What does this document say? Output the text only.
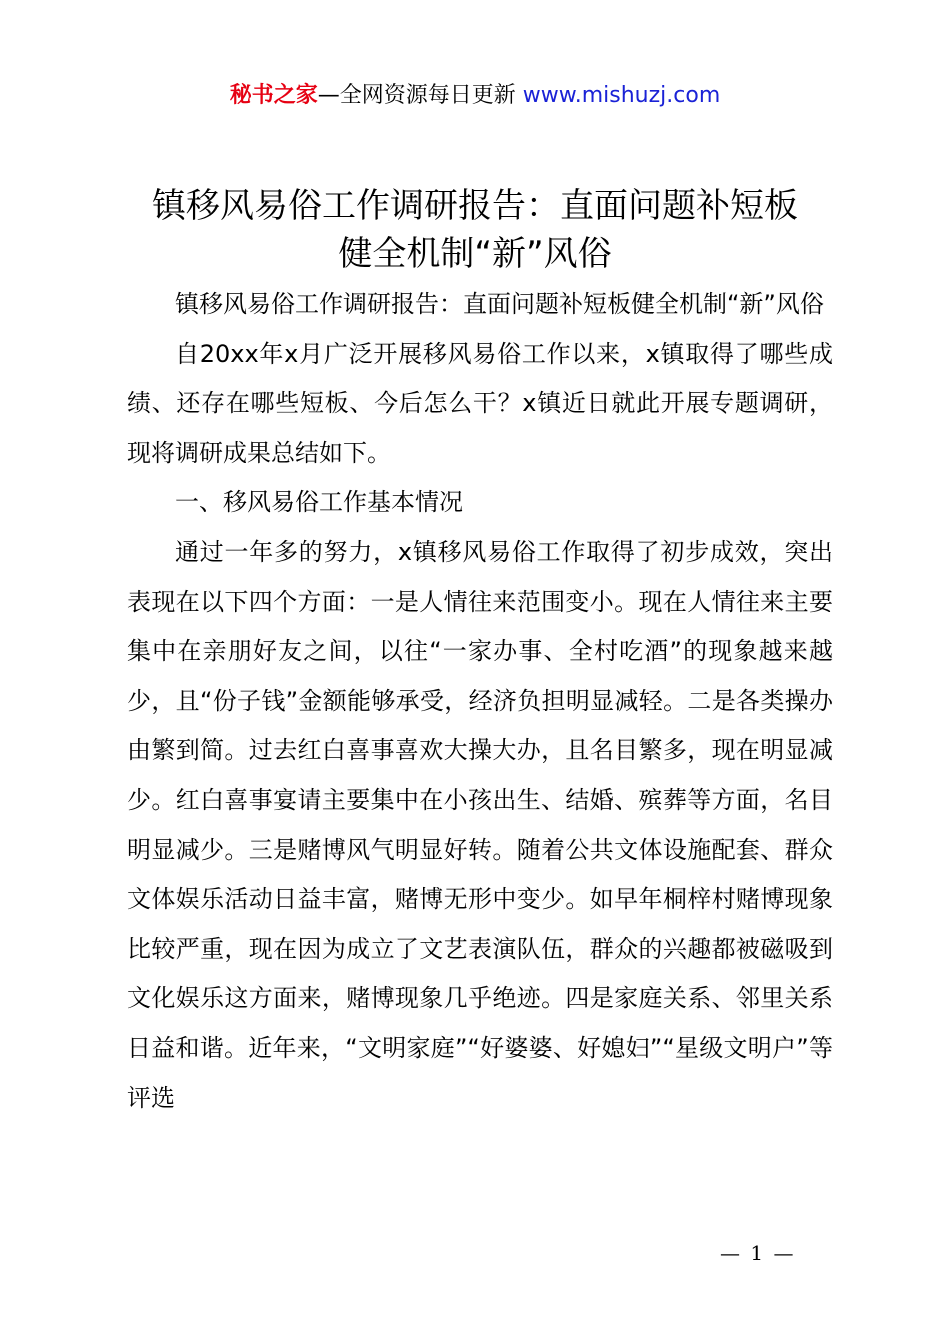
秘书之家—全网资源每日更新 www.mishuzj.com
镇移风易俗工作调研报告：直面问题补短板
健全机制“新”风俗

镇移风易俗工作调研报告：直面问题补短板健全机制“新”风俗

自20xx年x月广泛开展移风易俗工作以来，x镇取得了哪些成绩、还存在哪些短板、今后怎么干？x镇近日就此开展专题调研，现将调研成果总结如下。

一、移风易俗工作基本情况

通过一年多的努力，x镇移风易俗工作取得了初步成效，突出表现在以下四个方面：一是人情往来范围变小。现在人情往来主要集中在亲朋好友之间，以往“一家办事、全村吃酒”的现象越来越少，且“份子钱”金额能够承受，经济负担明显减轻。二是各类操办由繁到简。过去红白喜事喜欢大操大办，且名目繁多，现在明显减少。红白喜事宴请主要集中在小孩出生、结婚、殡葬等方面，名目明显减少。三是赌博风气明显好转。随着公共文体设施配套、群众文体娱乐活动日益丰富，赌博无形中变少。如早年桐梓村赌博现象比较严重，现在因为成立了文艺表演队伍，群众的兴趣都被磁吸到文化娱乐这方面来，赌博现象几乎绝迹。四是家庭关系、邻里关系日益和谐。近年来，“文明家庭”“好婆婆、好媳妇”“星级文明户”等评选

— 1 —
